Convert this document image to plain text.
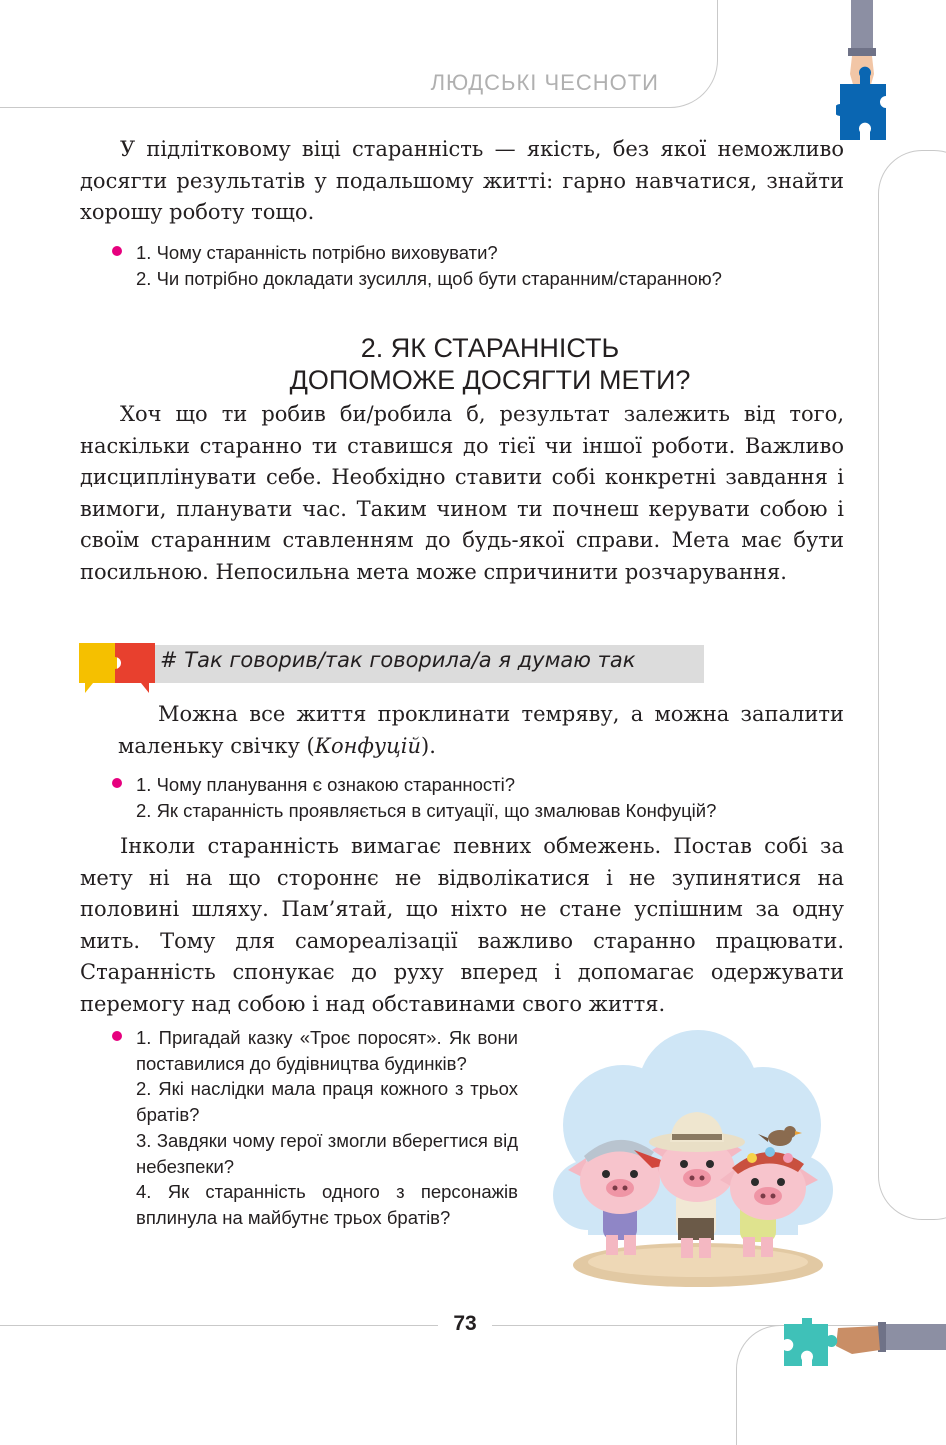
ЛЮДСЬКІ ЧЕСНОТИ

У підлітковому віці старанність — якість, без якої неможливо досягти результатів у подальшому житті: гарно навчатися, знайти хорошу роботу тощо.

1. Чому старанність потрібно виховувати?
2. Чи потрібно докладати зусилля, щоб бути старанним/старанною?
2. ЯК СТАРАННІСТЬ
ДОПОМОЖЕ ДОСЯГТИ МЕТИ?

Хоч що ти робив би/робила б, результат залежить від того, наскільки старанно ти ставишся до тієї чи іншої роботи. Важливо дисциплінувати себе. Необхідно ставити собі конкретні завдання і вимоги, планувати час. Таким чином ти почнеш керувати собою і своїм старанним ставленням до будь-якої справи. Мета має бути посильною. Непосильна мета може спричинити розчарування.

# Так говорив/так говорила/а я думаю так

Можна все життя проклинати темряву, а можна запалити маленьку свічку (Конфуцій).

1. Чому планування є ознакою старанності?
2. Як старанність проявляється в ситуації, що змалював Конфуцій?

Інколи старанність вимагає певних обмежень. Постав собі за мету ні на що стороннє не відволікатися і не зупинятися на половині шляху. Пам’ятай, що ніхто не стане успішним за одну мить. Тому для самореалізації важливо старанно працювати. Старанність спонукає до руху вперед і допомагає одержувати перемогу над собою і над обставинами свого життя.

1. Пригадай казку «Троє поросят». Як вони поставилися до будівництва будинків?
2. Які наслідки мала праця кожного з трьох братів?
3. Завдяки чому герої змогли вберегтися від небезпеки?
4. Як старанність одного з персонажів вплинула на майбутнє трьох братів?
73
